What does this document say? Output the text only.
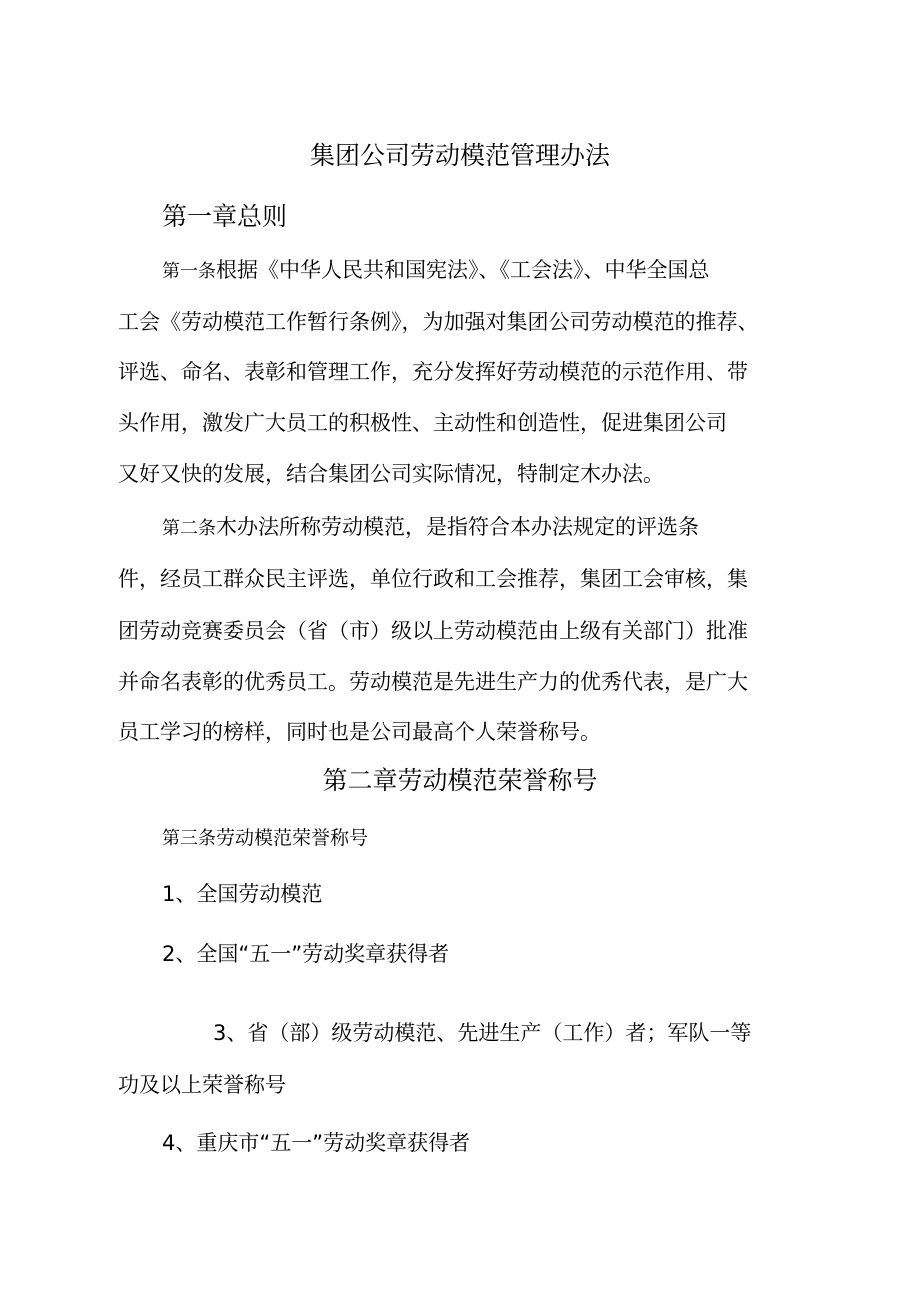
集团公司劳动模范管理办法
第一章总则
第一条根据《中华人民共和国宪法》、《工会法》、中华全国总
工会《劳动模范工作暂行条例》，为加强对集团公司劳动模范的推荐、
评选、命名、表彰和管理工作，充分发挥好劳动模范的示范作用、带
头作用，激发广大员工的积极性、主动性和创造性，促进集团公司
又好又快的发展，结合集团公司实际情况，特制定木办法。
第二条木办法所称劳动模范，是指符合本办法规定的评选条
件，经员工群众民主评选，单位行政和工会推荐，集团工会审核，集
团劳动竞赛委员会（省（市）级以上劳动模范由上级有关部门）批准
并命名表彰的优秀员工。劳动模范是先进生产力的优秀代表，是广大
员工学习的榜样，同时也是公司最高个人荣誉称号。
第二章劳动模范荣誉称号
第三条劳动模范荣誉称号
1、全国劳动模范
2、全国“五一”劳动奖章获得者
3、省（部）级劳动模范、先进生产（工作）者；军队一等
功及以上荣誉称号
4、重庆市“五一”劳动奖章获得者
